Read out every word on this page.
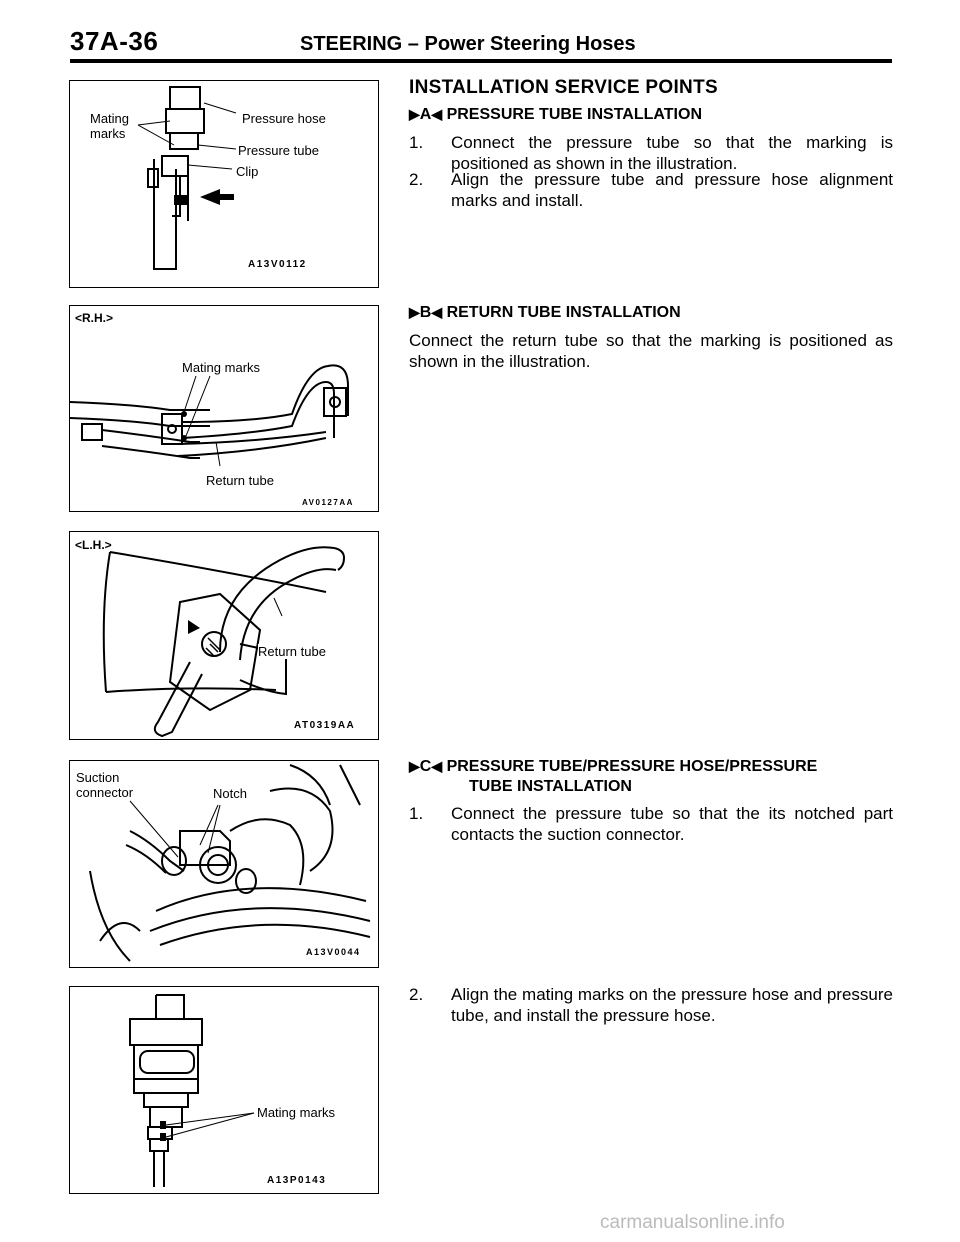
37A-36	STEERING – Power Steering Hoses
Mating
marks
Pressure hose
Pressure tube
Clip
A13V0112
<R.H.>
Mating marks
Return tube
AV0127AA
<L.H.>
Return tube
AT0319AA
Suction
connector	Notch
A13V0044
Mating marks
A13P0143
INSTALLATION SERVICE POINTS
▶A◀ PRESSURE TUBE INSTALLATION
1. Connect the pressure tube so that the marking is positioned as shown in the illustration.
2. Align the pressure tube and pressure hose alignment marks and install.
▶B◀ RETURN TUBE INSTALLATION
Connect the return tube so that the marking is positioned as shown in the illustration.
▶C◀ PRESSURE TUBE/PRESSURE HOSE/PRESSURE
TUBE INSTALLATION
1. Connect the pressure tube so that the its notched part contacts the suction connector.
2. Align the mating marks on the pressure hose and pressure tube, and install the pressure hose.
carmanualsonline.info
